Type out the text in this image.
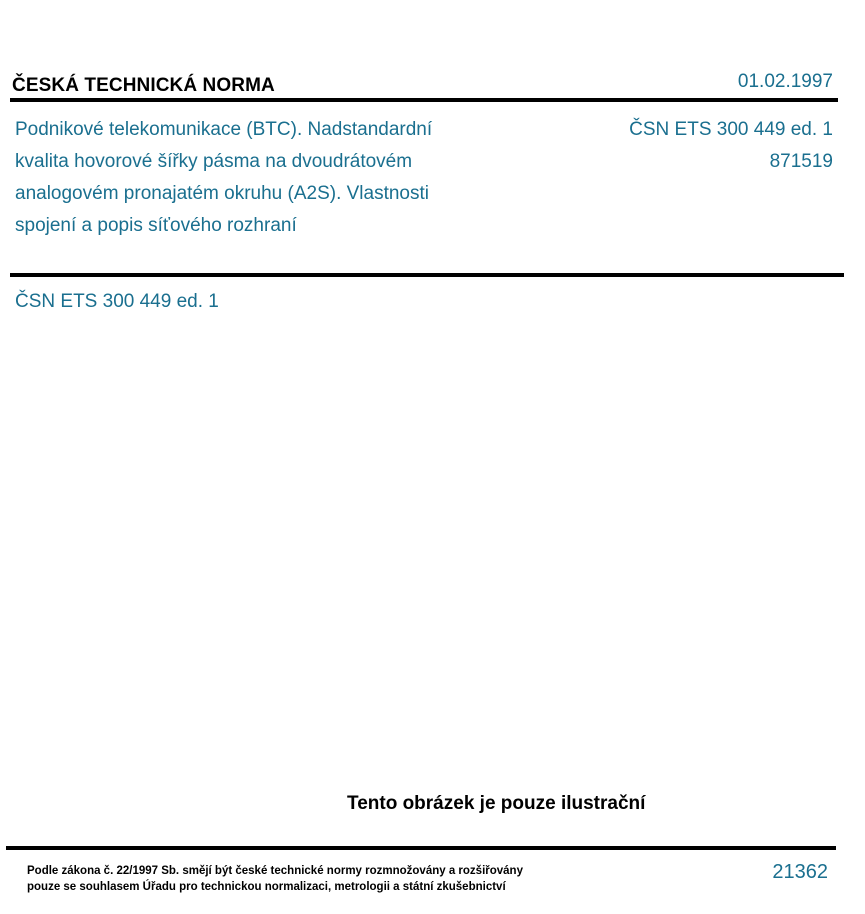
ČESKÁ TECHNICKÁ NORMA	01.02.1997
Podnikové telekomunikace (BTC). Nadstandardní
kvalita hovorové šířky pásma na dvoudrátovém
analogovém pronajatém okruhu (A2S). Vlastnosti
spojení a popis síťového rozhraní
ČSN ETS 300 449 ed. 1
871519
ČSN ETS 300 449 ed. 1
Tento obrázek je pouze ilustrační
Podle zákona č. 22/1997 Sb. smějí být české technické normy rozmnožovány a rozšiřovány
pouze se souhlasem Úřadu pro technickou normalizaci, metrologii a státní zkušebnictví
21362
